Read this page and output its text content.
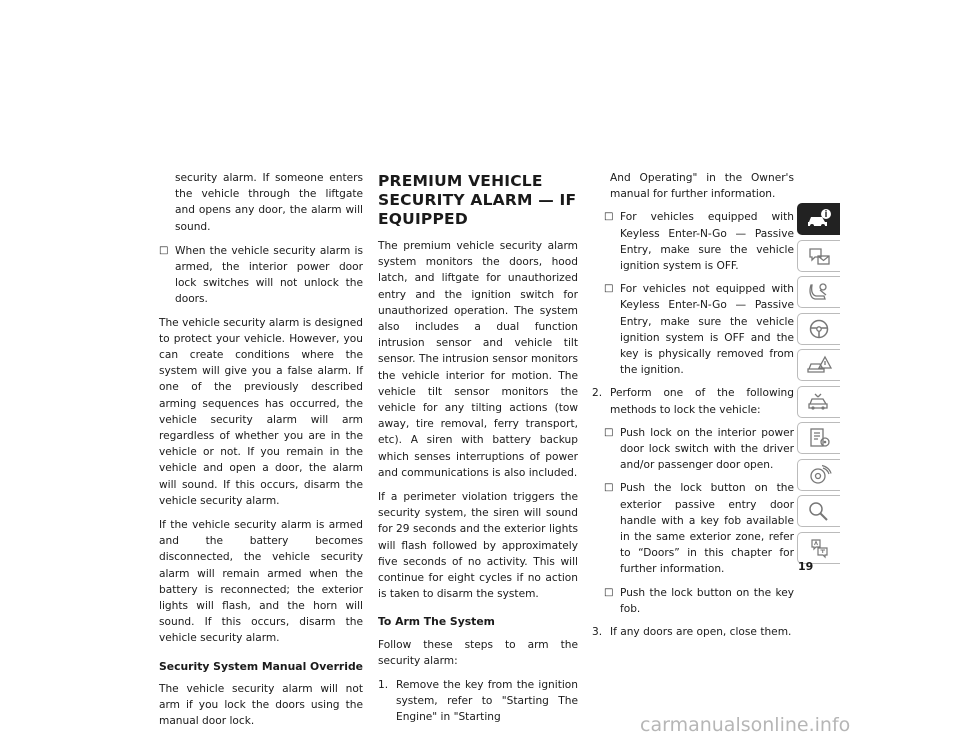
security alarm. If someone enters the vehicle through the liftgate and opens any door, the alarm will sound.

□ When the vehicle security alarm is armed, the interior power door lock switches will not unlock the doors.

The vehicle security alarm is designed to protect your vehicle. However, you can create conditions where the system will give you a false alarm. If one of the previously described arming sequences has occurred, the vehicle security alarm will arm regardless of whether you are in the vehicle or not. If you remain in the vehicle and open a door, the alarm will sound. If this occurs, disarm the vehicle security alarm.

If the vehicle security alarm is armed and the battery becomes disconnected, the vehicle security alarm will remain armed when the battery is reconnected; the exterior lights will flash, and the horn will sound. If this occurs, disarm the vehicle security alarm.

Security System Manual Override

The vehicle security alarm will not arm if you lock the doors using the manual door lock.

PREMIUM VEHICLE SECURITY ALARM — IF EQUIPPED

The premium vehicle security alarm system monitors the doors, hood latch, and liftgate for unauthorized entry and the ignition switch for unauthorized operation. The system also includes a dual function intrusion sensor and vehicle tilt sensor. The intrusion sensor monitors the vehicle interior for motion. The vehicle tilt sensor monitors the vehicle for any tilting actions (tow away, tire removal, ferry transport, etc). A siren with battery backup which senses interruptions of power and communications is also included.

If a perimeter violation triggers the security system, the siren will sound for 29 seconds and the exterior lights will flash followed by approximately five seconds of no activity. This will continue for eight cycles if no action is taken to disarm the system.

To Arm The System

Follow these steps to arm the security alarm:

1. Remove the key from the ignition system, refer to "Starting The Engine" in "Starting
And Operating" in the Owner's manual for further information.
□ For vehicles equipped with Keyless Enter-N-Go — Passive Entry, make sure the vehicle ignition system is OFF.
□ For vehicles not equipped with Keyless Enter-N-Go — Passive Entry, make sure the vehicle ignition system is OFF and the key is physically removed from the ignition.
2. Perform one of the following methods to lock the vehicle:
□ Push lock on the interior power door lock switch with the driver and/or passenger door open.
□ Push the lock button on the exterior passive entry door handle with a key fob available in the same exterior zone, refer to “Doors” in this chapter for further information.
□ Push the lock button on the key fob.
3. If any doors are open, close them.
19
carmanualsonline.info
